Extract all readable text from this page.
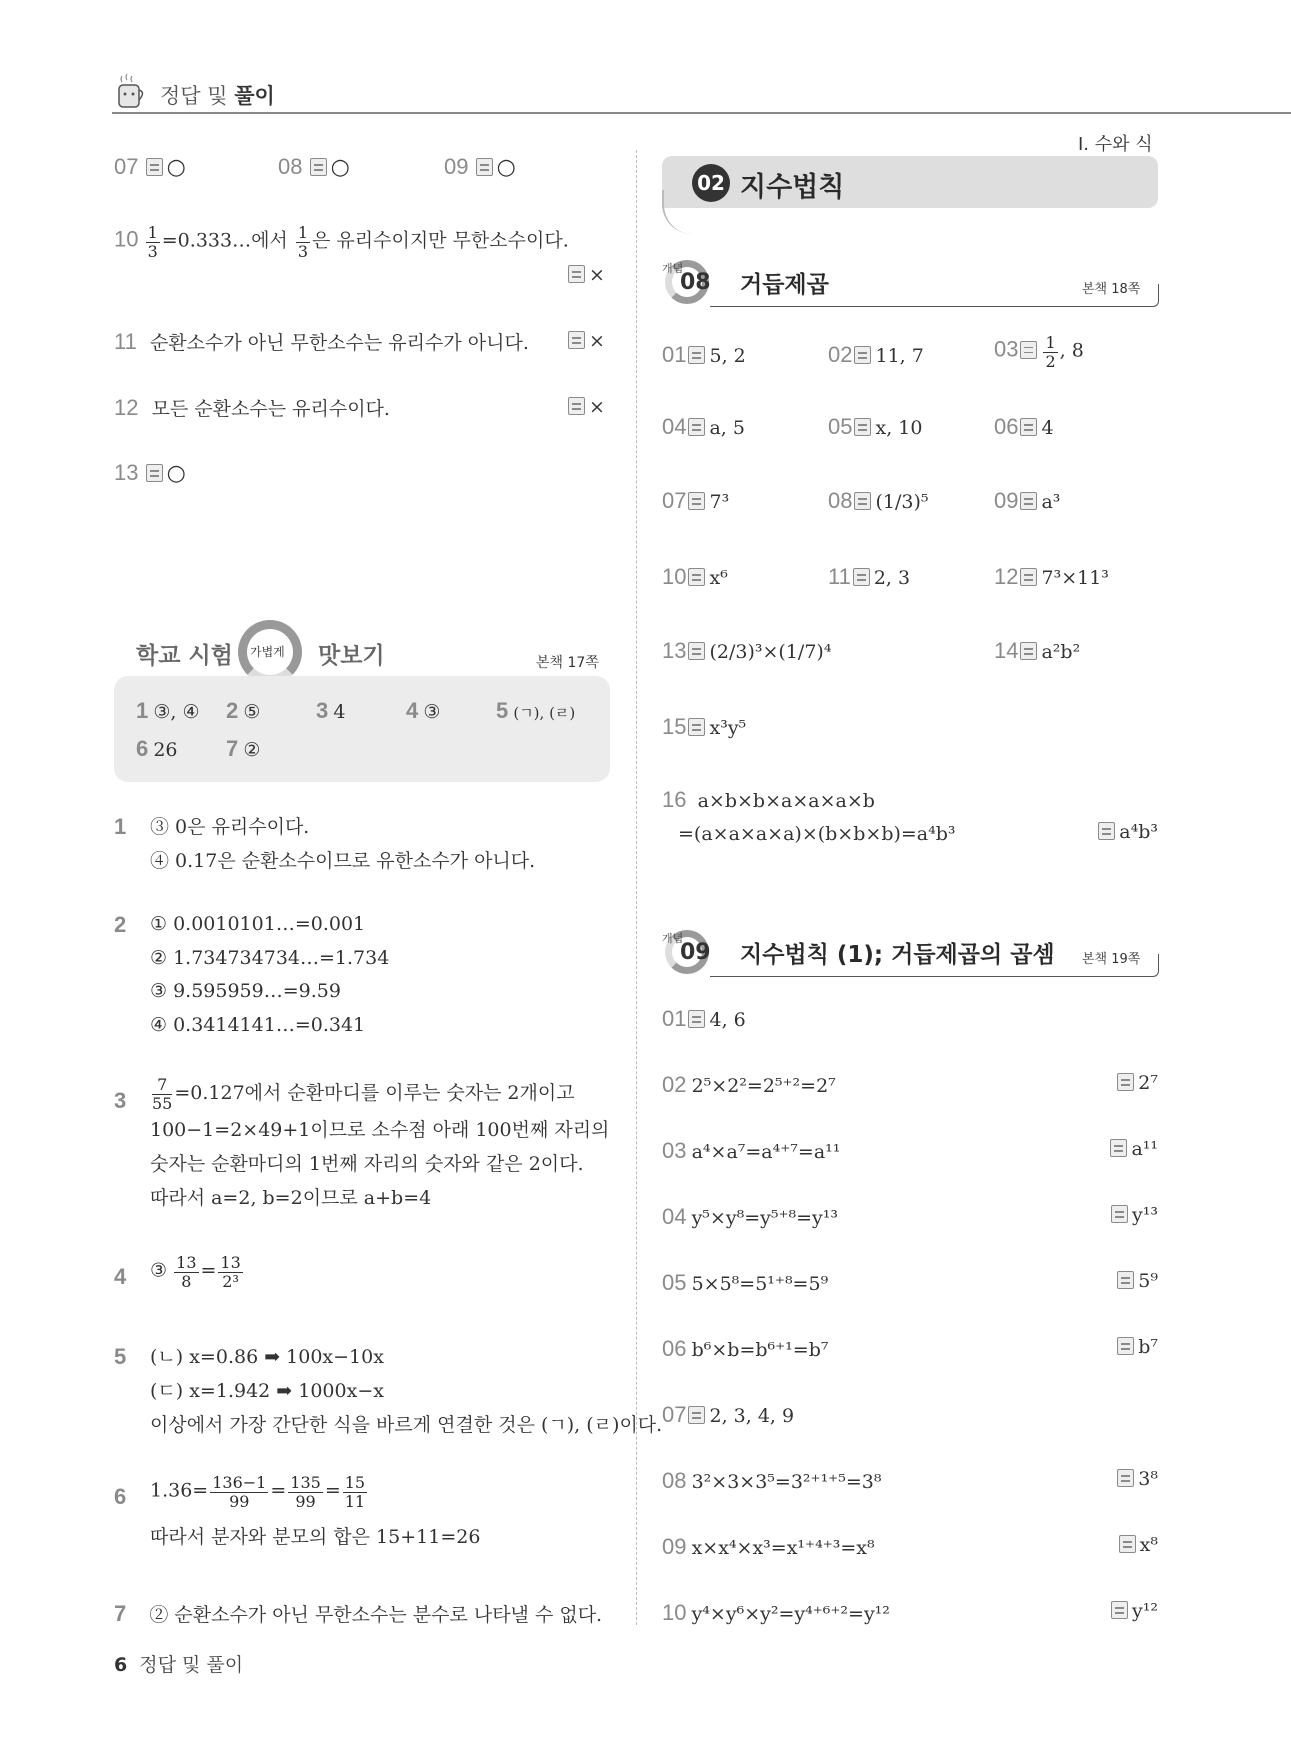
정답 및 풀이
Ⅰ. 수와 식
07 ○	08 ○	09 ○
$10 \frac{1}{3}$ =0.333…에서 $\frac{1}{3}$ 은 유리수이지만 무한소수이다.
×
11 순환소수가 아닌 무한소수는 유리수가 아니다.	×
12 모든 순환소수는 유리수이다.	×
13 ○
학교 시험 가볍게 맛보기	본책 17쪽
1 ③, ④ 2 ⑤	3 4	4 ③	5 (ㄱ), (ㄹ)
6 26 7 ②
1 ③ 0은 유리수이다.
④ 0.17은 순환소수이므로 유한소수가 아니다.
2 ① 0.0010101…=0.001
② 1.734734734…=1.734
③ 9.595959…=9.59
④ 0.3414141…=0.341
$3 \frac{7}{55} =0.127$에서 순환마디를 이루는 숫자는 2개이고
100−1=2×49+1이므로 소수점 아래 100번째 자리의
숫자는 순환마디의 1번째 자리의 숫자와 같은 2이다.
따라서 a=2, b=2이므로 a+b=4
4 ③ $\frac{13}{8} = \frac{13}{\text{2³}}$
5 (ㄴ) x=0.86 ➡ 100x−10x
(ㄷ) x=1.942 ➡ 1000x−x
이상에서 가장 간단한 식을 바르게 연결한 것은 (ㄱ), (ㄹ)이다.
6 $1.36= \frac{136-1}{99} = \frac{135}{99} = \frac{15}{11}$
따라서 분자와 분모의 합은 15+11=26
7 ② 순환소수가 아닌 무한소수는 분수로 나타낼 수 없다.
02 지수법칙
개념
08 거듭제곱	본책 18쪽
01 5, 2	02 11, 7	$03 \frac{1}{2}$ , 8
04 a, 5	05 x, 10	06 4
07 7³	08 (1/3)⁵	09 a³
10 x⁶	11 2, 3	12 7³×11³
13 (2/3)³×(1/7)⁴	14 a²b²
15 x³y⁵
16 a×b×b×a×a×a×b
=(a×a×a×a)×(b×b×b)=a⁴b³	a⁴b³
개념
09 지수법칙 (1); 거듭제곱의 곱셈 본책 19쪽
01 4, 6
02 2⁵×2²=2⁵⁺²=2⁷	2⁷
03 a⁴×a⁷=a⁴⁺⁷=a¹¹	a¹¹
04 y⁵×y⁸=y⁵⁺⁸=y¹³	y¹³
05 5×5⁸=5¹⁺⁸=5⁹	5⁹
06 b⁶×b=b⁶⁺¹=b⁷	b⁷
07 2, 3, 4, 9
08 3²×3×3⁵=3²⁺¹⁺⁵=3⁸	3⁸
09 x×x⁴×x³=x¹⁺⁴⁺³=x⁸	x⁸
10 y⁴×y⁶×y²=y⁴⁺⁶⁺²=y¹²	y¹²
6 정답 및 풀이
